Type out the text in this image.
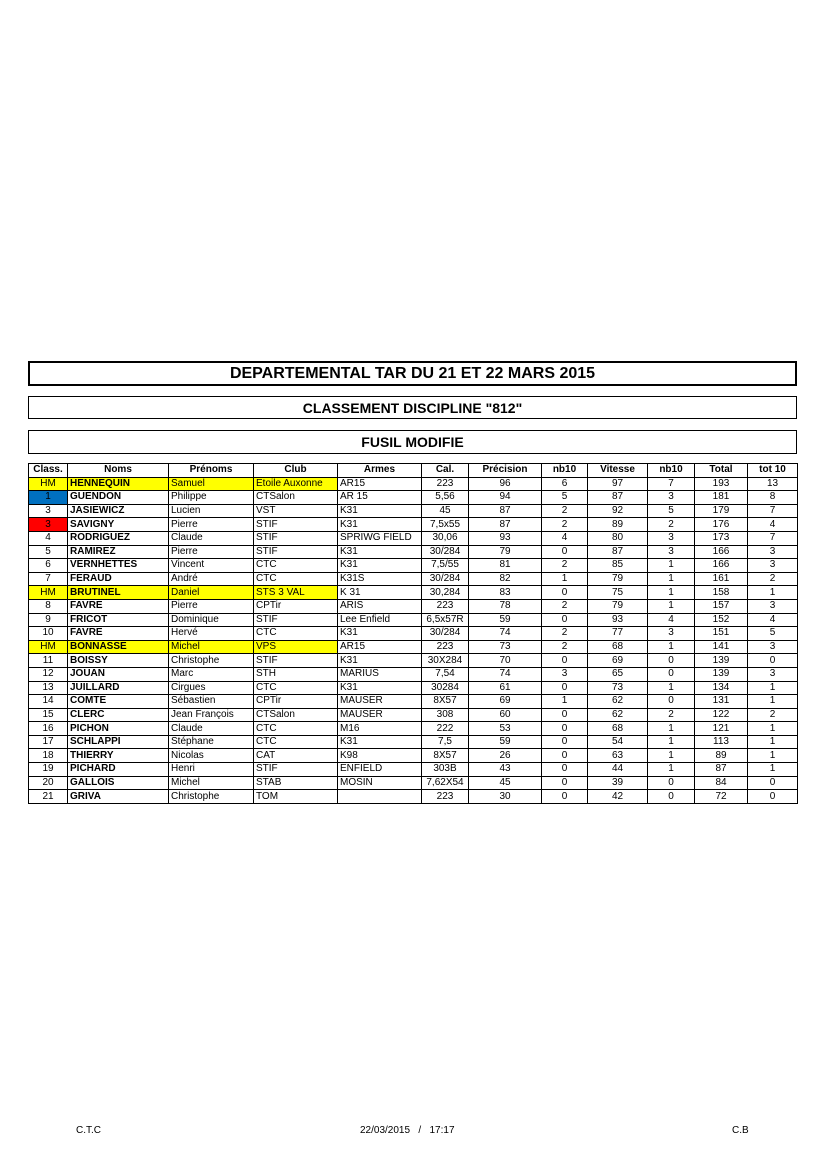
DEPARTEMENTAL TAR DU 21 ET 22 MARS 2015
CLASSEMENT DISCIPLINE "812"
FUSIL MODIFIE
Class.	Noms	Prénoms	Club	Armes	Cal.	Précision	nb10	Vitesse	nb10	Total	tot 10
HM	HENNEQUIN	Samuel	Etoile Auxonne	AR15	223	96	6	97	7	193	13
1	GUENDON	Philippe	CTSalon	AR 15	5,56	94	5	87	3	181	8
3	JASIEWICZ	Lucien	VST	K31	45	87	2	92	5	179	7
3	SAVIGNY	Pierre	STIF	K31	7,5x55	87	2	89	2	176	4
4	RODRIGUEZ	Claude	STIF	SPRIWG FIELD	30,06	93	4	80	3	173	7
5	RAMIREZ	Pierre	STIF	K31	30/284	79	0	87	3	166	3
6	VERNHETTES	Vincent	CTC	K31	7,5/55	81	2	85	1	166	3
7	FERAUD	André	CTC	K31S	30/284	82	1	79	1	161	2
HM	BRUTINEL	Daniel	STS 3 VAL	K 31	30,284	83	0	75	1	158	1
8	FAVRE	Pierre	CPTir	ARIS	223	78	2	79	1	157	3
9	FRICOT	Dominique	STIF	Lee Enfield	6,5x57R	59	0	93	4	152	4
10	FAVRE	Hervé	CTC	K31	30/284	74	2	77	3	151	5
HM	BONNASSE	Michel	VPS	AR15	223	73	2	68	1	141	3
11	BOISSY	Christophe	STIF	K31	30X284	70	0	69	0	139	0
12	JOUAN	Marc	STH	MARIUS	7,54	74	3	65	0	139	3
13	JUILLARD	Cirgues	CTC	K31	30284	61	0	73	1	134	1
14	COMTE	Sébastien	CPTir	MAUSER	8X57	69	1	62	0	131	1
15	CLERC	Jean François	CTSalon	MAUSER	308	60	0	62	2	122	2
16	PICHON	Claude	CTC	M16	222	53	0	68	1	121	1
17	SCHLAPPI	Stéphane	CTC	K31	7,5	59	0	54	1	113	1
18	THIERRY	Nicolas	CAT	K98	8X57	26	0	63	1	89	1
19	PICHARD	Henri	STIF	ENFIELD	303B	43	0	44	1	87	1
20	GALLOIS	Michel	STAB	MOSIN	7,62X54	45	0	39	0	84	0
21	GRIVA	Christophe	TOM		223	30	0	42	0	72	0
C.T.C	22/03/2015   /   17:17	C.B
